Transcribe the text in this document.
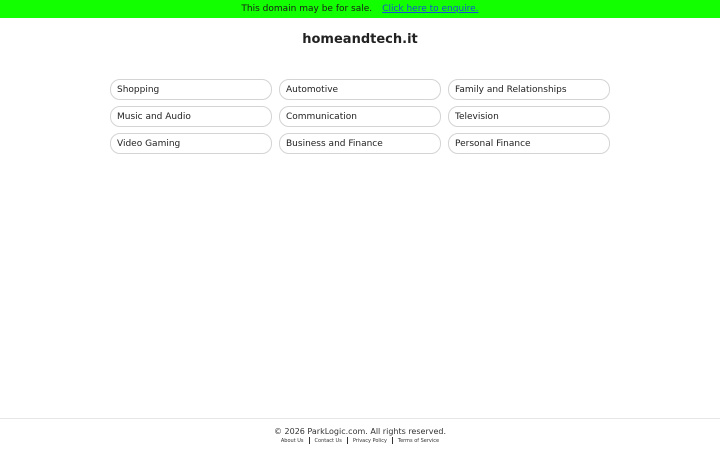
This domain may be for sale. Click here to enquire.
homeandtech.it
Shopping	Automotive	Family and Relationships
Music and Audio	Communication	Television
Video Gaming	Business and Finance	Personal Finance
© 2026 ParkLogic.com. All rights reserved.
About Us Contact Us Privacy Policy Terms of Service
